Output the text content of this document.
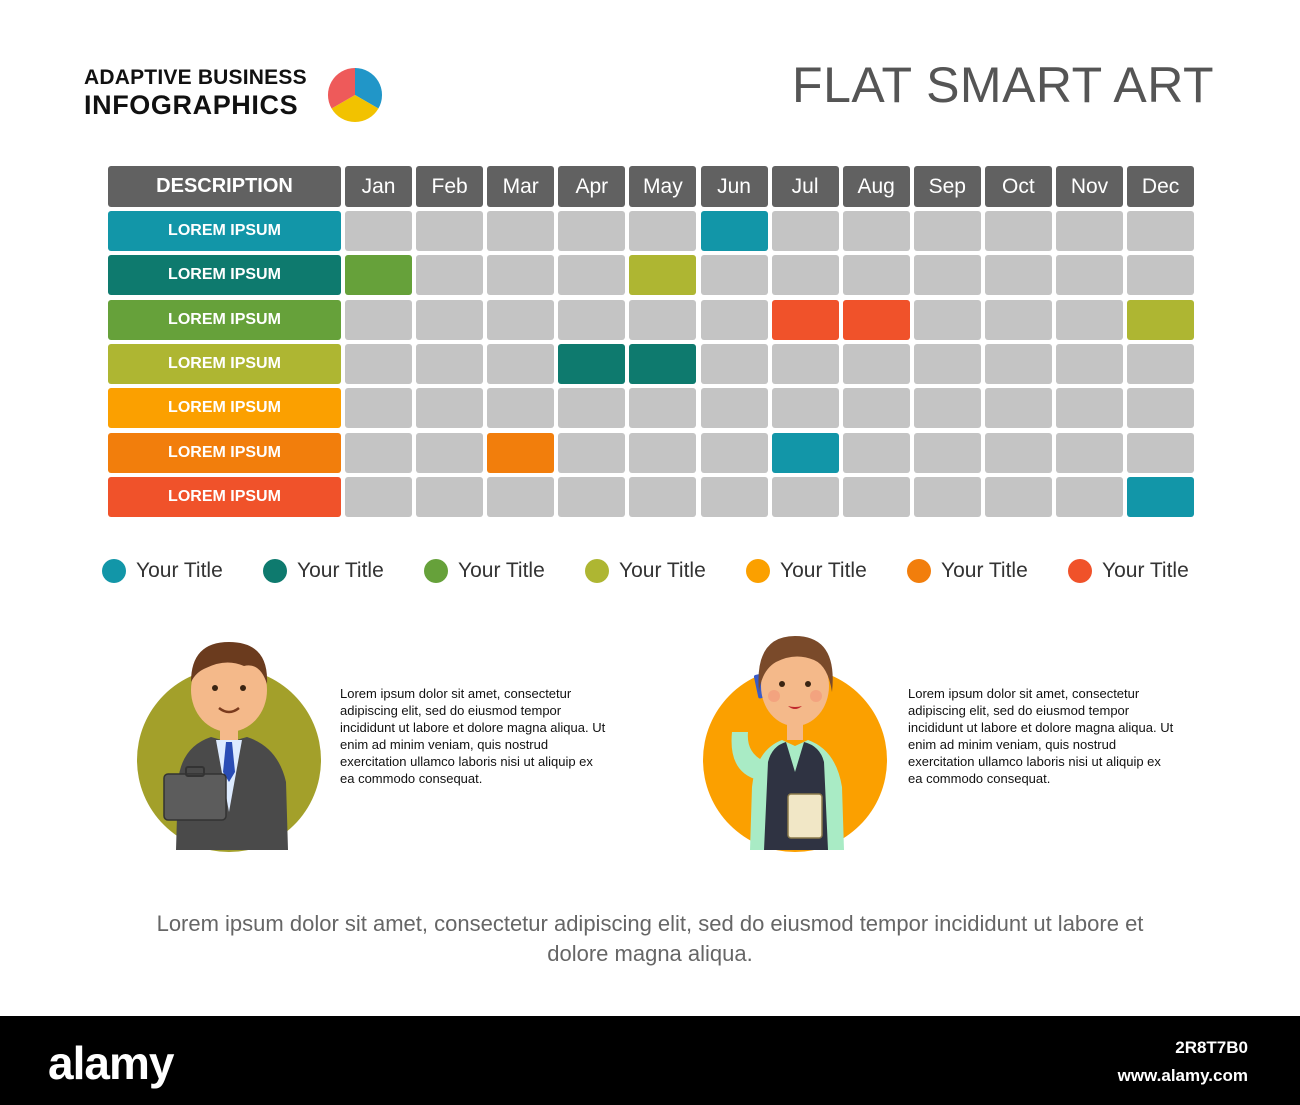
ADAPTIVE BUSINESS
INFOGRAPHICS	FLAT SMART ART
DESCRIPTION	Jan	Feb	Mar	Apr	May	Jun	Jul	Aug	Sep	Oct	Nov	Dec
LOREM IPSUM
LOREM IPSUM
LOREM IPSUM
LOREM IPSUM
LOREM IPSUM
LOREM IPSUM
LOREM IPSUM
Your Title	Your Title	Your Title	Your Title	Your Title	Your Title	Your Title
Lorem ipsum dolor sit amet, consectetur adipiscing elit, sed do eiusmod tempor incididunt ut labore et dolore magna aliqua. Ut enim ad minim veniam, quis nostrud exercitation ullamco laboris nisi ut aliquip ex ea commodo consequat.
Lorem ipsum dolor sit amet, consectetur adipiscing elit, sed do eiusmod tempor incididunt ut labore et dolore magna aliqua. Ut enim ad minim veniam, quis nostrud exercitation ullamco laboris nisi ut aliquip ex ea commodo consequat.
Lorem ipsum dolor sit amet, consectetur adipiscing elit, sed do eiusmod tempor incididunt ut labore et dolore magna aliqua.
alamy	2R8T7B0
www.alamy.com
